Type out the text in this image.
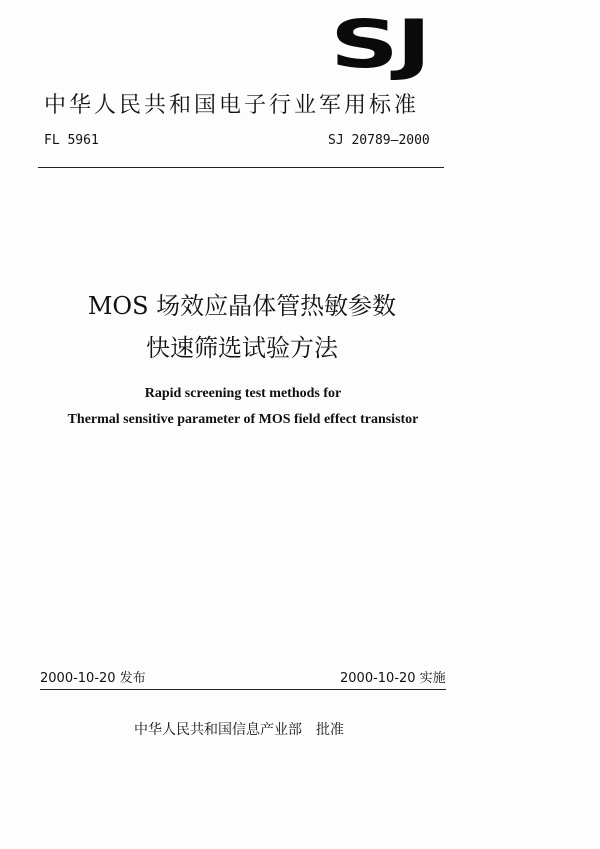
SJ
中华人民共和国电子行业军用标准
FL 5961	SJ 20789—2000
MOS 场效应晶体管热敏参数
快速筛选试验方法
Rapid screening test methods for
Thermal sensitive parameter of MOS field effect transistor
2000-10-20 发布	2000-10-20 实施
中华人民共和国信息产业部 批准
